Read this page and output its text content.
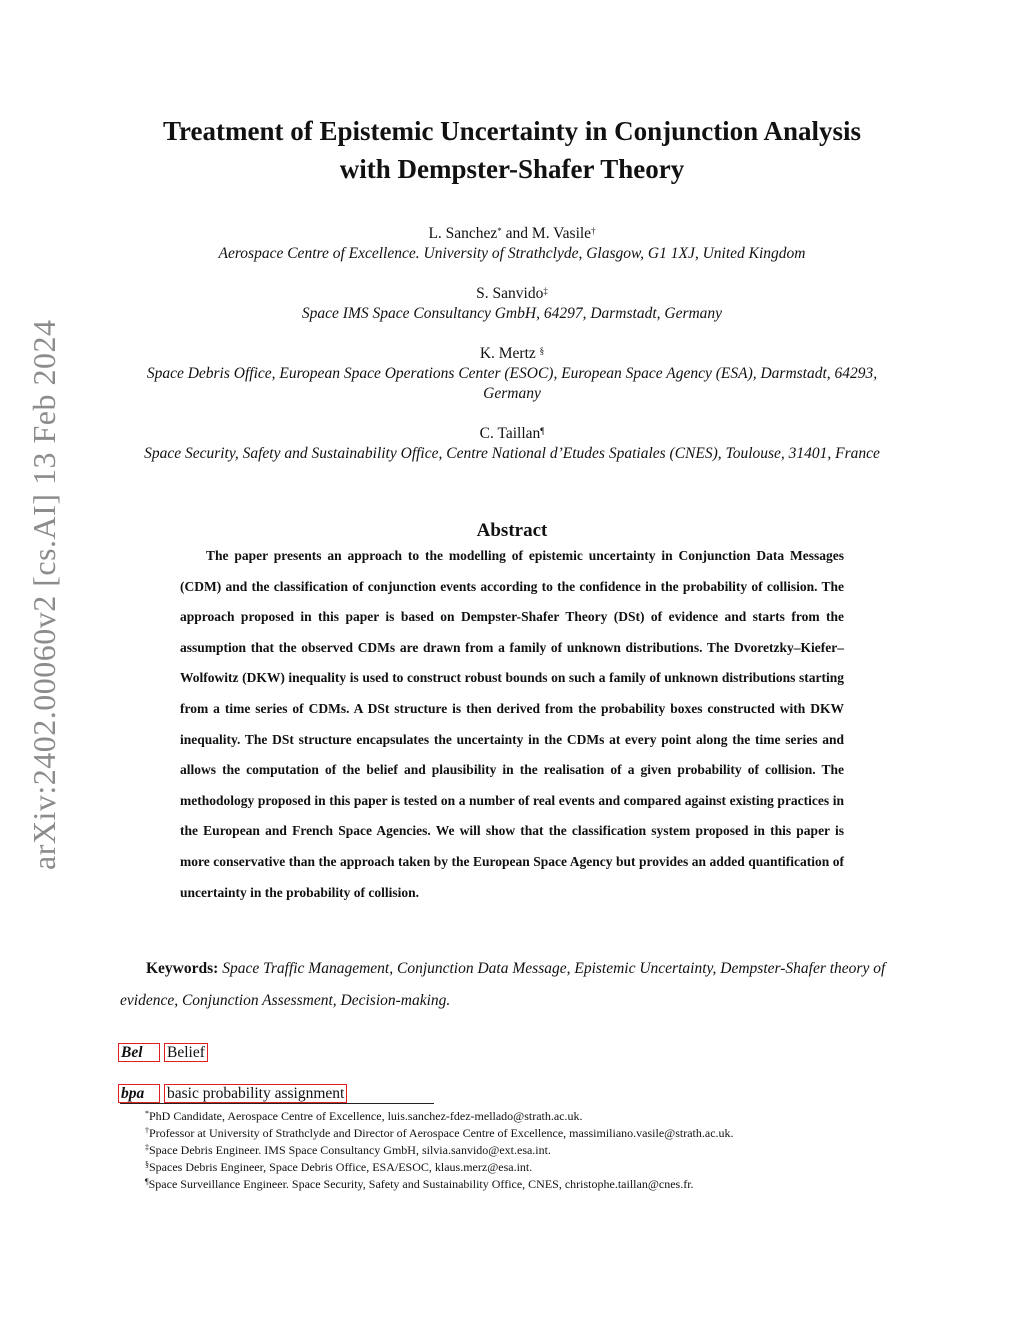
arXiv:2402.00060v2 [cs.AI] 13 Feb 2024
Treatment of Epistemic Uncertainty in Conjunction Analysis
with Dempster-Shafer Theory
L. Sanchez* and M. Vasile†
Aerospace Centre of Excellence. University of Strathclyde, Glasgow, G1 1XJ, United Kingdom
S. Sanvido‡
Space IMS Space Consultancy GmbH, 64297, Darmstadt, Germany
K. Mertz §
Space Debris Office, European Space Operations Center (ESOC), European Space Agency (ESA), Darmstadt, 64293,
Germany
C. Taillan¶
Space Security, Safety and Sustainability Office, Centre National d’Etudes Spatiales (CNES), Toulouse, 31401, France
Abstract
The paper presents an approach to the modelling of epistemic uncertainty in Conjunction Data Messages (CDM) and the classification of conjunction events according to the confidence in the probability of collision. The approach proposed in this paper is based on Dempster-Shafer Theory (DSt) of evidence and starts from the assumption that the observed CDMs are drawn from a family of unknown distributions. The Dvoretzky–Kiefer–Wolfowitz (DKW) inequality is used to construct robust bounds on such a family of unknown distributions starting from a time series of CDMs. A DSt structure is then derived from the probability boxes constructed with DKW inequality. The DSt structure encapsulates the uncertainty in the CDMs at every point along the time series and allows the computation of the belief and plausibility in the realisation of a given probability of collision. The methodology proposed in this paper is tested on a number of real events and compared against existing practices in the European and French Space Agencies. We will show that the classification system proposed in this paper is more conservative than the approach taken by the European Space Agency but provides an added quantification of uncertainty in the probability of collision.
Keywords: Space Traffic Management, Conjunction Data Message, Epistemic Uncertainty, Dempster-Shafer theory of evidence, Conjunction Assessment, Decision-making.
Bel	Belief
bpa	basic probability assignment
*PhD Candidate, Aerospace Centre of Excellence, luis.sanchez-fdez-mellado@strath.ac.uk.
†Professor at University of Strathclyde and Director of Aerospace Centre of Excellence, massimiliano.vasile@strath.ac.uk.
‡Space Debris Engineer. IMS Space Consultancy GmbH, silvia.sanvido@ext.esa.int.
§Spaces Debris Engineer, Space Debris Office, ESA/ESOC, klaus.merz@esa.int.
¶Space Surveillance Engineer. Space Security, Safety and Sustainability Office, CNES, christophe.taillan@cnes.fr.
